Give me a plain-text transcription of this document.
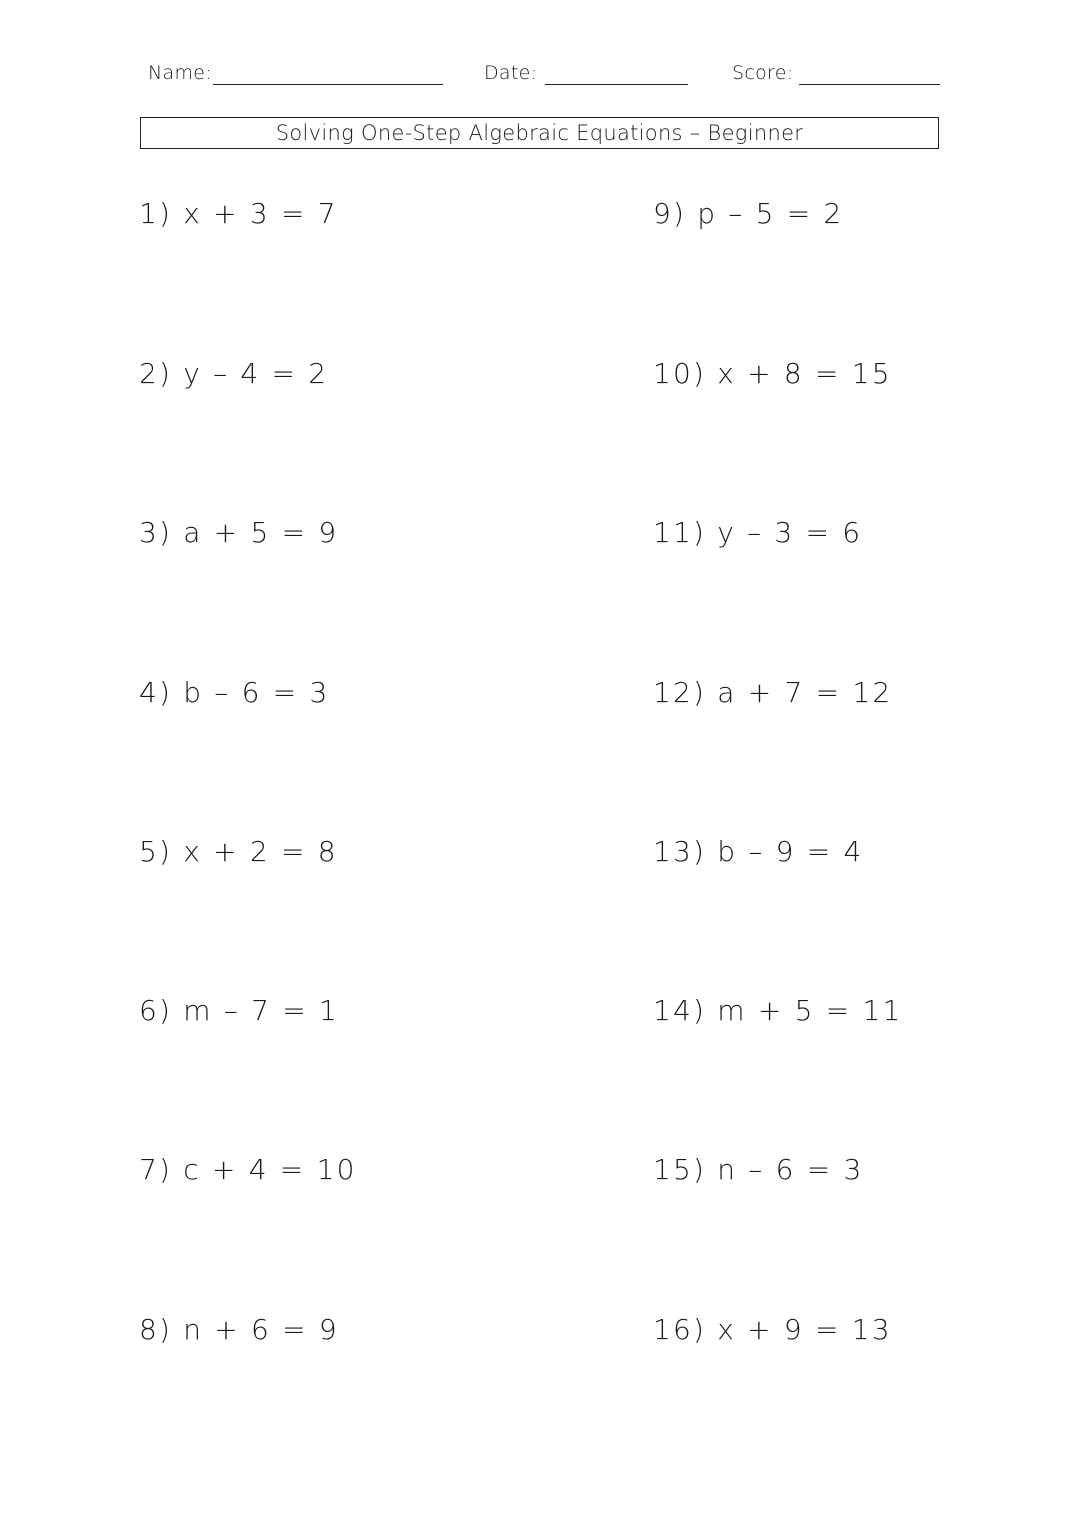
Name:	Date:	Score:
Solving One-Step Algebraic Equations – Beginner
1) x + 3 = 7
2) y – 4 = 2
3) a + 5 = 9
4) b – 6 = 3
5) x + 2 = 8
6) m – 7 = 1
7) c + 4 = 10
8) n + 6 = 9
9) p – 5 = 2
10) x + 8 = 15
11) y – 3 = 6
12) a + 7 = 12
13) b – 9 = 4
14) m + 5 = 11
15) n – 6 = 3
16) x + 9 = 13
